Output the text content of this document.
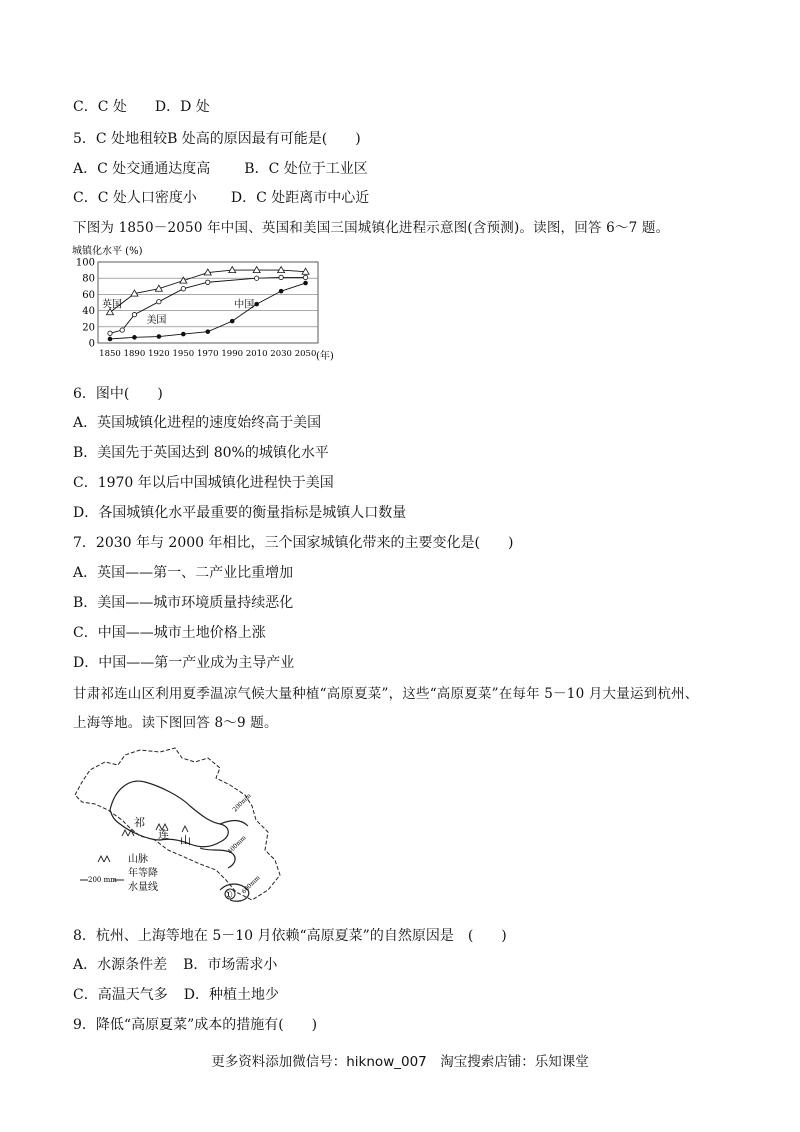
C．C 处 D．D 处
5．C 处地租较B 处高的原因最有可能是(　　)
A．C 处交通通达度高 B．C 处位于工业区
C．C 处人口密度小 D．C 处距离市中心近
下图为 1850－2050 年中国、英国和美国三国城镇化进程示意图(含预测)。读图，回答 6～7 题。
城镇化水平 (%)
0
20
40
60
80
100
1850 1890 1920 1950 1970 1990 2010 2030 2050
英国
美国
中国
(年)
6．图中(　　)
A．英国城镇化进程的速度始终高于美国
B．美国先于英国达到 80%的城镇化水平
C．1970 年以后中国城镇化进程快于美国
D．各国城镇化水平最重要的衡量指标是城镇人口数量
7．2030 年与 2000 年相比，三个国家城镇化带来的主要变化是(　　)
A．英国——第一、二产业比重增加
B．美国——城市环境质量持续恶化
C．中国——城市土地价格上涨
D．中国——第一产业成为主导产业
甘肃祁连山区利用夏季温凉气候大量种植“高原夏菜”，这些“高原夏菜”在每年 5－10 月大量运到杭州、
上海等地。读下图回答 8～9 题。
200mm
400mm
600mm
祁
连 山
①
山脉
200 mm
年等降
水量线
8．杭州、上海等地在 5－10 月依赖“高原夏菜”的自然原因是　(　　)
A．水源条件差 B．市场需求小
C．高温天气多 D．种植土地少
9．降低“高原夏菜”成本的措施有(　　)
更多资料添加微信号：hiknow_007　淘宝搜索店铺：乐知课堂
